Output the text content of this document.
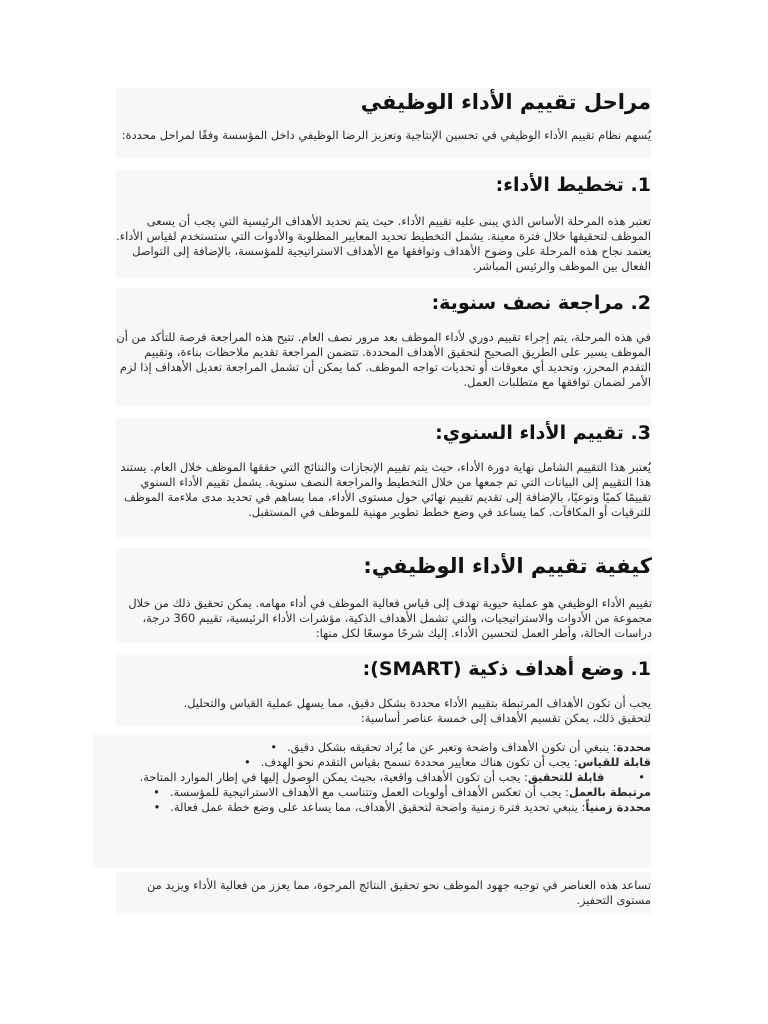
مراحل تقييم الأداء الوظيفي

يُسهم نظام تقييم الأداء الوظيفي في تحسين الإنتاجية وتعزيز الرضا الوظيفي داخل المؤسسة وفقًا لمراحل محددة:

1. تخطيط الأداء:

تعتبر هذه المرحلة الأساس الذي يبنى عليه تقييم الأداء. حيث يتم تحديد الأهداف الرئيسية التي يجب أن يسعى الموظف لتحقيقها خلال فترة معينة. يشمل التخطيط تحديد المعايير المطلوبة والأدوات التي ستستخدم لقياس الأداء. يعتمد نجاح هذه المرحلة على وضوح الأهداف وتوافقها مع الأهداف الاستراتيجية للمؤسسة، بالإضافة إلى التواصل الفعال بين الموظف والرئيس المباشر.

2. مراجعة نصف سنوية:

في هذه المرحلة، يتم إجراء تقييم دوري لأداء الموظف بعد مرور نصف العام. تتيح هذه المراجعة فرصة للتأكد من أن الموظف يسير على الطريق الصحيح لتحقيق الأهداف المحددة. تتضمن المراجعة تقديم ملاحظات بناءة، وتقييم التقدم المحرز، وتحديد أي معوقات أو تحديات تواجه الموظف. كما يمكن أن تشمل المراجعة تعديل الأهداف إذا لزم الأمر لضمان توافقها مع متطلبات العمل.

3. تقييم الأداء السنوي:

يُعتبر هذا التقييم الشامل نهاية دورة الأداء، حيث يتم تقييم الإنجازات والنتائج التي حققها الموظف خلال العام. يستند هذا التقييم إلى البيانات التي تم جمعها من خلال التخطيط والمراجعة النصف سنوية. يشمل تقييم الأداء السنوي تقييمًا كميًا ونوعيًا، بالإضافة إلى تقديم تقييم نهائي حول مستوى الأداء، مما يساهم في تحديد مدى ملاءمة الموظف للترقيات أو المكافآت. كما يساعد في وضع خطط تطوير مهنية للموظف في المستقبل.

كيفية تقييم الأداء الوظيفي:

تقييم الأداء الوظيفي هو عملية حيوية تهدف إلى قياس فعالية الموظف في أداء مهامه. يمكن تحقيق ذلك من خلال مجموعة من الأدوات والاستراتيجيات، والتي تشمل الأهداف الذكية، مؤشرات الأداء الرئيسية، تقييم 360 درجة، دراسات الحالة، وأطر العمل لتحسين الأداء. إليك شرحًا موسعًا لكل منها:

1. وضع أهداف ذكية (SMART):

يجب أن تكون الأهداف المرتبطة بتقييم الأداء محددة بشكل دقيق، مما يسهل عملية القياس والتحليل. لتحقيق ذلك، يمكن تقسيم الأهداف إلى خمسة عناصر أساسية:

محددة: ينبغي أن تكون الأهداف واضحة وتعبر عن ما يُراد تحقيقه بشكل دقيق.•
قابلة للقياس: يجب أن تكون هناك معايير محددة تسمح بقياس التقدم نحو الهدف.•
•قابلة للتحقيق: يجب أن تكون الأهداف واقعية، بحيث يمكن الوصول إليها في إطار الموارد المتاحة.
مرتبطة بالعمل: يجب أن تعكس الأهداف أولويات العمل وتتناسب مع الأهداف الاستراتيجية للمؤسسة.•
محددة زمنياً: ينبغي تحديد فترة زمنية واضحة لتحقيق الأهداف، مما يساعد على وضع خطة عمل فعالة.•

تساعد هذه العناصر في توجيه جهود الموظف نحو تحقيق النتائج المرجوة، مما يعزز من فعالية الأداء ويزيد من مستوى التحفيز.
